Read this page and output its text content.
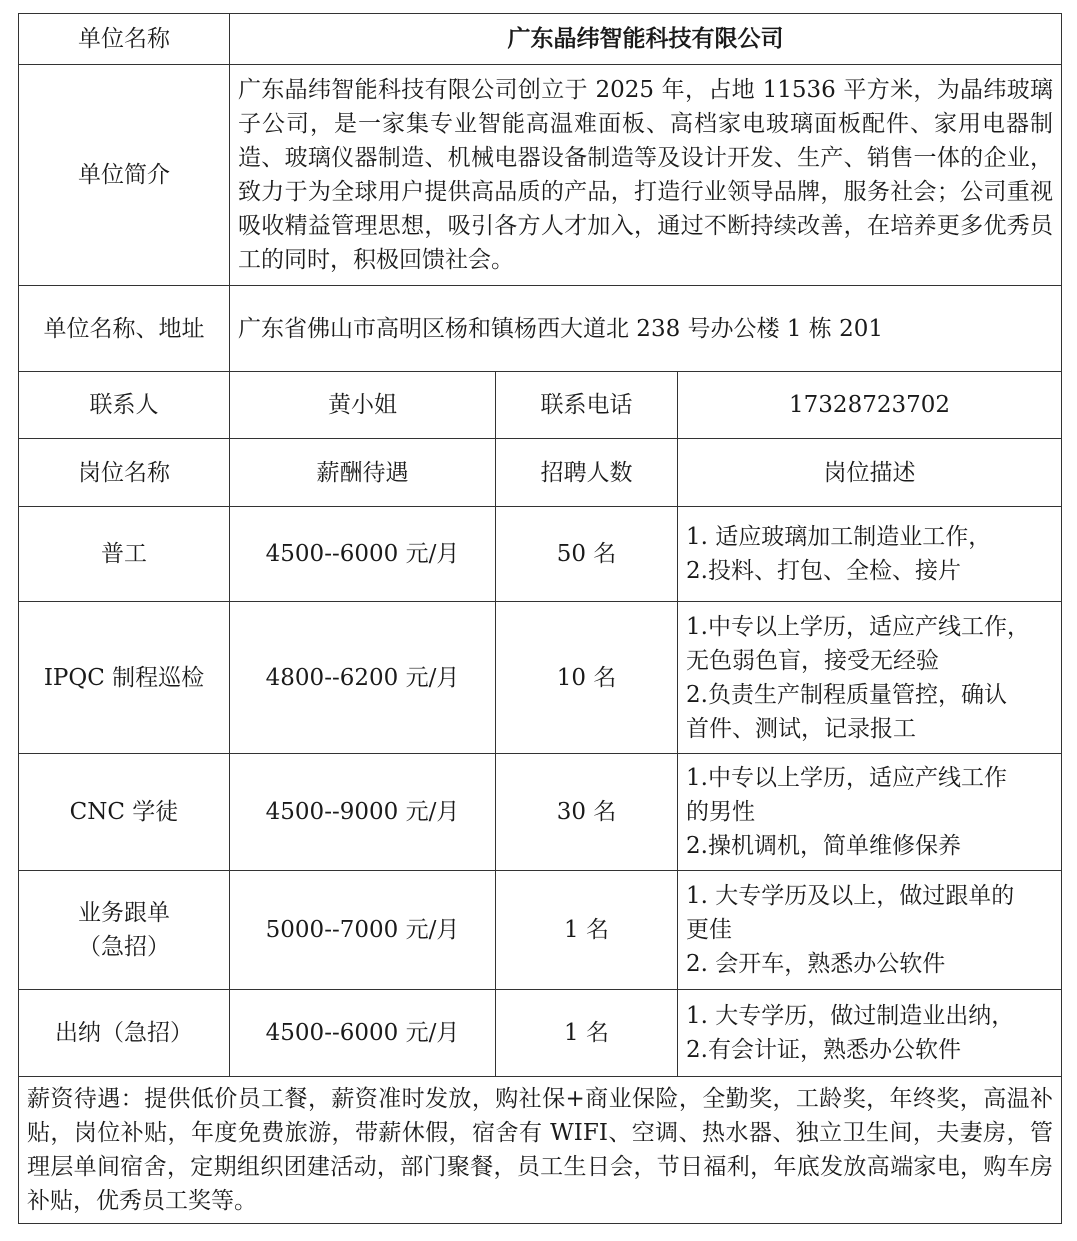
单位名称	广东晶纬智能科技有限公司		
单位简介	广东晶纬智能科技有限公司创立于 2025 年，占地 11536 平方米，为晶纬玻璃子公司，是一家集专业智能高温难面板、高档家电玻璃面板配件、家用电器制造、玻璃仪器制造、机械电器设备制造等及设计开发、生产、销售一体的企业，致力于为全球用户提供高品质的产品，打造行业领导品牌，服务社会；公司重视吸收精益管理思想，吸引各方人才加入，通过不断持续改善，在培养更多优秀员工的同时，积极回馈社会。		
单位名称、地址	广东省佛山市高明区杨和镇杨西大道北 238 号办公楼 1 栋 201		
联系人	黄小姐	联系电话	17328723702
岗位名称	薪酬待遇	招聘人数	岗位描述

普工	4500--6000 元/月	50 名	1. 适应玻璃加工制造业工作，
2.投料、打包、全检、接片

IPQC 制程巡检	4800--6200 元/月	10 名	1.中专以上学历，适应产线工作，
无色弱色盲，接受无经验
2.负责生产制程质量管控，确认
首件、测试，记录报工

CNC 学徒	4500--9000 元/月	30 名	1.中专以上学历，适应产线工作
的男性
2.操机调机，简单维修保养

业务跟单
（急招）	5000--7000 元/月	1 名	1. 大专学历及以上，做过跟单的
更佳
2. 会开车，熟悉办公软件

出纳（急招）	4500--6000 元/月	1 名	1. 大专学历，做过制造业出纳，
2.有会计证，熟悉办公软件

薪资待遇：提供低价员工餐，薪资准时发放，购社保+商业保险，全勤奖，工龄奖，年终奖，高温补贴，岗位补贴，年度免费旅游，带薪休假，宿舍有 WIFI、空调、热水器、独立卫生间，夫妻房，管理层单间宿舍，定期组织团建活动，部门聚餐，员工生日会，节日福利，年底发放高端家电，购车房补贴，优秀员工奖等。			
